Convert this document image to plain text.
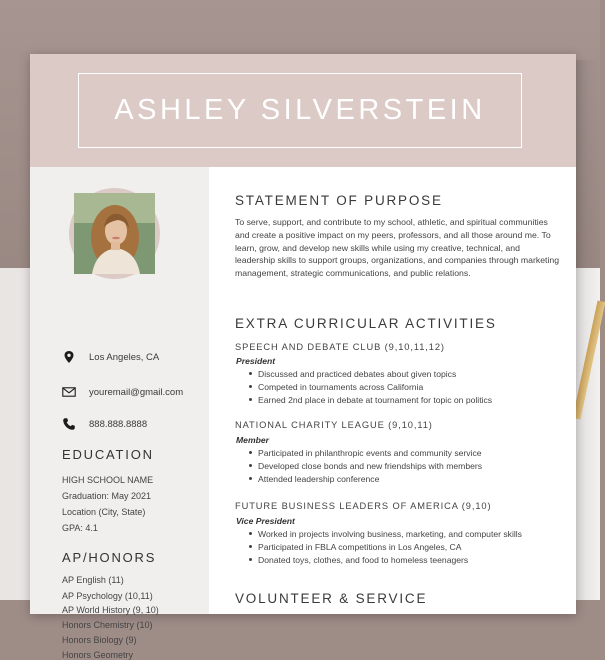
ASHLEY SILVERSTEIN
Los Angeles, CA
youremail@gmail.com
888.888.8888
EDUCATION
HIGH SCHOOL NAME
Graduation: May 2021
Location (City, State)
GPA: 4.1
AP/HONORS
AP English (11)
AP Psychology (10,11)
AP World History (9, 10)
Honors Chemistry (10)
Honors Biology (9)
Honors Geometry
STATEMENT OF PURPOSE
To serve, support, and contribute to my school, athletic, and spiritual communities and create a positive impact on my peers, professors, and all those around me. To learn, grow, and develop new skills while using my creative, technical, and leadership skills to support groups, organizations, and companies through marketing management, strategic communications, and public relations.
EXTRA CURRICULAR ACTIVITIES
SPEECH AND DEBATE CLUB (9,10,11,12)
President
Discussed and practiced debates about given topics
Competed in tournaments across California
Earned 2nd place in debate at tournament for topic on politics
NATIONAL CHARITY LEAGUE (9,10,11)
Member
Participated in philanthropic events and community service
Developed close bonds and new friendships with members
Attended leadership conference
FUTURE BUSINESS LEADERS OF AMERICA (9,10)
Vice President
Worked in projects involving business, marketing, and computer skills
Participated in FBLA competitions in Los Angeles, CA
Donated toys, clothes, and food to homeless teenagers
VOLUNTEER & SERVICE
